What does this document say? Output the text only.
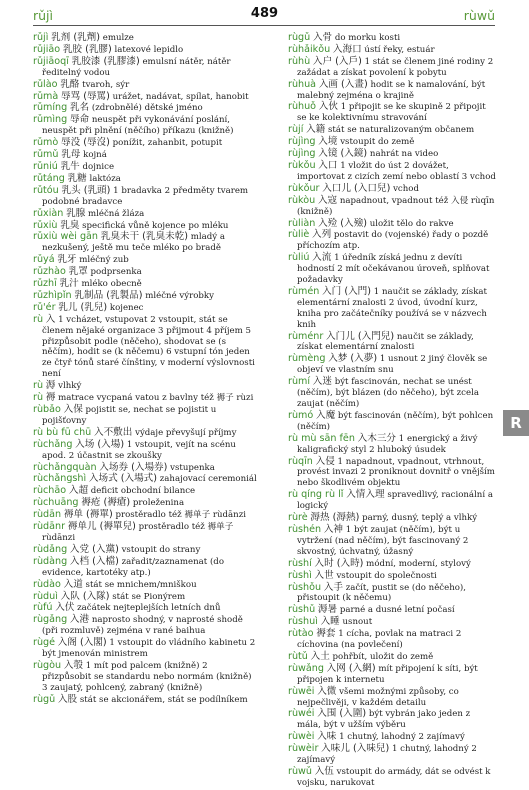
rǔjì	489	rùwǔ

rǔjì 乳剂 (乳劑) emulze

rǔjiāo 乳胶 (乳膠) latexové lepidlo

rǔjiāoqī 乳胶漆 (乳膠漆) emulsní nátěr, nátěr ředitelný vodou

rǔlào 乳酪 tvaroh, sýr

rǔmà 辱骂 (辱罵) urážet, nadávat, spílat, hanobit

rǔmíng 乳名 (zdrobnělé) dětské jméno

rǔmìng 辱命 neuspět při vykonávání poslání, neuspět při plnění (něčího) příkazu (knižně)

rǔmò 辱没 (辱沒) ponížit, zahanbit, potupit

rǔmǔ 乳母 kojná

rǔniú 乳牛 dojnice

rǔtáng 乳糖 laktóza

rǔtóu 乳头 (乳頭) 1 bradavka 2 předměty tvarem podobné bradavce

rǔxiàn 乳腺 mléčná žláza

rǔxiù 乳臭 specifická vůně kojence po mléku

rǔxiù wèi gān 乳臭未干 (乳臭未乾) mladý a nezkušený, ještě mu teče mléko po bradě

rǔyá 乳牙 mléčný zub

rǔzhào 乳罩 podprsenka

rǔzhī 乳汁 mléko obecně

rǔzhìpǐn 乳制品 (乳製品) mléčné výrobky

rǔ'ér 乳儿 (乳兒) kojenec

rù 入 1 vcházet, vstupovat 2 vstoupit, stát se členem nějaké organizace 3 přijmout 4 příjem 5 přizpůsobit podle (něčeho), shodovat se (s něčím), hodit se (k něčemu) 6 vstupní tón jeden ze čtyř tónů staré čínštiny, v moderní výslovnosti není

rù 溽 vlhký

rù 褥 matrace vycpaná vatou z bavlny též 褥子 rùzi

rùbǎo 入保 pojistit se, nechat se pojistit u pojišťovny

rù bù fū chū 入不敷出 výdaje převyšují příjmy

rùchǎng 入场 (入場) 1 vstoupit, vejít na scénu apod. 2 účastnit se zkoušky

rùchǎngquàn 入场券 (入場券) vstupenka

rùchǎngshì 入场式 (入場式) zahajovací ceremoniál

rùchāo 入超 deficit obchodní bilance

rùchuāng 褥疮 (褥瘡) proleženina

rùdān 褥单 (褥單) prostěradlo též 褥单子 rùdānzi

rùdānr 褥单儿 (褥單兒) prostěradlo též 褥单子 rùdānzi

rùdǎng 入党 (入黨) vstoupit do strany

rùdàng 入档 (入檔) zařadit/zaznamenat (do evidence, kartotéky atp.)

rùdào 入道 stát se mnichem/mniškou

rùduì 入队 (入隊) stát se Pionýrem

rùfú 入伏 začátek nejteplejších letních dnů

rùgǎng 入港 naprosto shodný, v naprosté shodě (při rozmluvě) zejména v rané baihua

rùgé 入阁 (入閣) 1 vstoupit do vládního kabinetu 2 být jmenován ministrem

rùgòu 入彀 1 mít pod palcem (knižně) 2 přizpůsobit se standardu nebo normám (knižně) 3 zaujatý, pohlcený, zabraný (knižně)

rùgǔ 入股 stát se akcionářem, stát se podílníkem

rùgǔ 入骨 do morku kosti

rùhǎikǒu 入海口 ústí řeky, estuár

rùhù 入户 (入戶) 1 stát se členem jiné rodiny 2 zažádat a získat povolení k pobytu

rùhuà 入画 (入畫) hodit se k namalování, být malebný zejména o krajině

rùhuǒ 入伙 1 připojit se ke skupině 2 připojit se ke kolektivnímu stravování

rùjí 入籍 stát se naturalizovaným občanem

rùjìng 入境 vstoupit do země

rùjìng 入镜 (入鏡) nahrát na video

rùkǒu 入口 1 vložit do úst 2 dovážet, importovat z cizích zemí nebo oblastí 3 vchod

rùkǒur 入口儿 (入口兒) vchod

rùkòu 入寇 napadnout, vpadnout též 入侵 rùqīn (knižně)

rùliàn 入殓 (入殮) uložit tělo do rakve

rùliè 入列 postavit do (vojenské) řady o pozdě příchozím atp.

rùliú 入流 1 úředník získá jednu z devíti hodností 2 mít očekávanou úroveň, splňovat požadavky

rùmén 入门 (入門) 1 naučit se základy, získat elementární znalosti 2 úvod, úvodní kurz, kniha pro začátečníky používá se v názvech knih

rùménr 入门儿 (入門兒) naučit se základy, získat elementární znalosti

rùmèng 入梦 (入夢) 1 usnout 2 jiný člověk se objeví ve vlastním snu

rùmí 入迷 být fascinován, nechat se unést (něčím), být blázen (do něčeho), být zcela zaujat (něčím)

rùmó 入魔 být fascinován (něčím), být pohlcen (něčím)

rù mù sān fēn 入木三分 1 energický a živý kaligrafický styl 2 hluboký úsudek

rùqīn 入侵 1 napadnout, vpadnout, vtrhnout, provést invazi 2 proniknout dovnitř o vnějším nebo škodlivém objektu

rù qíng rù lǐ 入情入理 spravedlivý, racionální a logický

rùrè 溽热 (溽熱) parný, dusný, teplý a vlhký

rùshén 入神 1 být zaujat (něčím), být u vytržení (nad něčím), být fascinovaný 2 skvostný, úchvatný, úžasný

rùshí 入时 (入時) módní, moderní, stylový

rùshì 入世 vstoupit do společnosti

rùshǒu 入手 začít, pustit se (do něčeho), přistoupit (k něčemu)

rùshǔ 溽暑 parné a dusné letní počasí

rùshuì 入睡 usnout

rùtào 褥套 1 cícha, povlak na matraci 2 cíchovina (na povlečení)

rùtǔ 入土 pohřbít, uložit do země

rùwǎng 入网 (入網) mít připojení k síti, být připojen k internetu

rùwēi 入微 všemi možnými způsoby, co nejpečlivěji, v každém detailu

rùwéi 入围 (入圍) být vybrán jako jeden z mála, být v užším výběru

rùwèi 入味 1 chutný, lahodný 2 zajímavý

rùwèir 入味儿 (入味兒) 1 chutný, lahodný 2 zajímavý

rùwǔ 入伍 vstoupit do armády, dát se odvést k vojsku, narukovat

R
